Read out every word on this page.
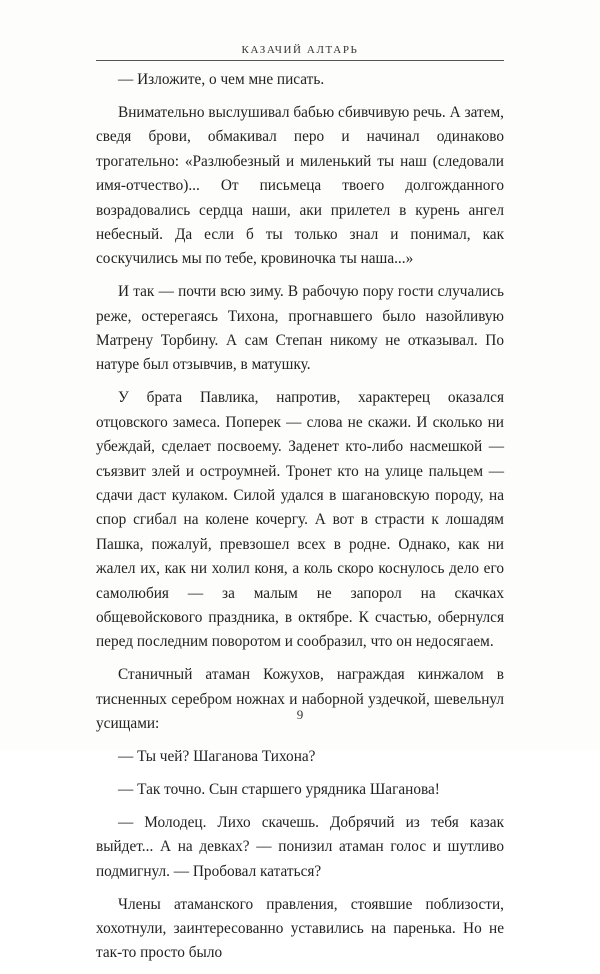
КАЗАЧИЙ АЛТАРЬ

— Изложите, о чем мне писать.

Внимательно выслушивал бабью сбивчивую речь. А затем, сведя брови, обмакивал перо и начинал одинаково трогательно: «Разлюбезный и миленький ты наш (следовали имя-отчество)... От письмеца твоего долгожданного возрадовались сердца наши, аки прилетел в курень ангел небесный. Да если б ты только знал и понимал, как соскучились мы по тебе, кровиночка ты наша...»

И так — почти всю зиму. В рабочую пору гости случались реже, остерегаясь Тихона, прогнавшего было назойливую Матрену Торбину. А сам Степан никому не отказывал. По натуре был отзывчив, в матушку.

У брата Павлика, напротив, характерец оказался отцовского замеса. Поперек — слова не скажи. И сколько ни убеждай, сделает посвоему. Заденет кто-либо насмешкой — съязвит злей и остроумней. Тронет кто на улице пальцем — сдачи даст кулаком. Силой удался в шагановскую породу, на спор сгибал на колене кочергу. А вот в страсти к лошадям Пашка, пожалуй, превзошел всех в родне. Однако, как ни жалел их, как ни холил коня, а коль скоро коснулось дело его самолюбия — за малым не запорол на скачках общевойскового праздника, в октябре. К счастью, обернулся перед последним поворотом и сообразил, что он недосягаем.

Станичный атаман Кожухов, награждая кинжалом в тисненных серебром ножнах и наборной уздечкой, шевельнул усищами:

— Ты чей? Шаганова Тихона?

— Так точно. Сын старшего урядника Шаганова!

— Молодец. Лихо скачешь. Добрячий из тебя казак выйдет... А на девках? — понизил атаман голос и шутливо подмигнул. — Пробовал кататься?

Члены атаманского правления, стоявшие поблизости, хохотнули, заинтересованно уставились на паренька. Но не так-то просто было

9
